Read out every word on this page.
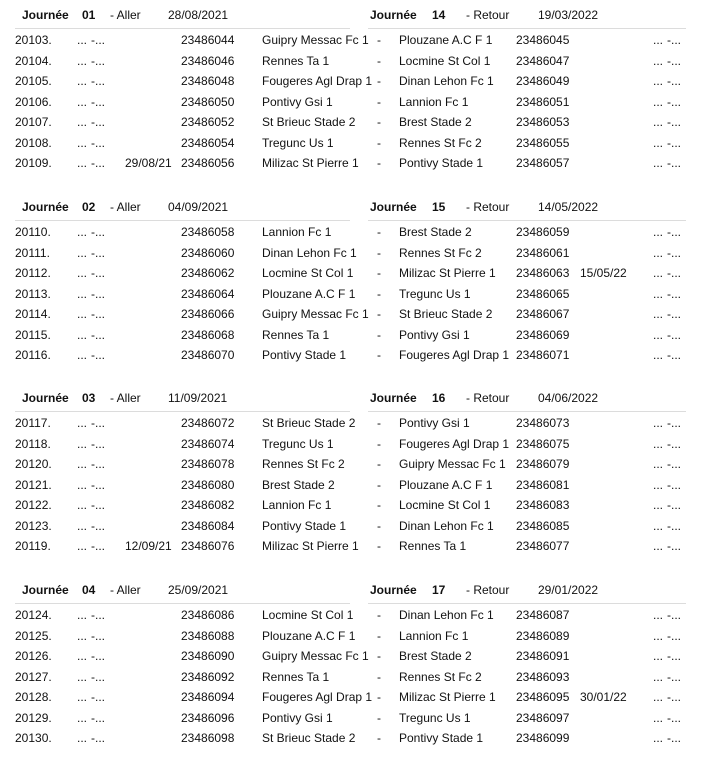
Journée 01 - Aller 28/08/2021	Journée 14 - Retour 19/03/2022
20103. ... -...	23486044 Guipry Messac Fc 1 - Plouzane A.C F 1 23486045	... -...
20104. ... -...	23486046 Rennes Ta 1	- Locmine St Col 1 23486047	... -...
20105. ... -...	23486048 Fougeres Agl Drap 1 - Dinan Lehon Fc 1 23486049	... -...
20106. ... -...	23486050 Pontivy Gsi 1	- Lannion Fc 1	23486051	... -...
20107. ... -...	23486052 St Brieuc Stade 2 - Brest Stade 2	23486053	... -...
20108. ... -...	23486054 Tregunc Us 1	- Rennes St Fc 2	23486055	... -...
20109. ... -... 29/08/21 23486056 Milizac St Pierre 1 - Pontivy Stade 1	23486057	... -...
Journée 02 - Aller 04/09/2021	Journée 15 - Retour 14/05/2022
20110. ... -...	23486058 Lannion Fc 1	- Brest Stade 2	23486059	... -...
20111. ... -...	23486060 Dinan Lehon Fc 1 - Rennes St Fc 2	23486061	... -...
20112. ... -...	23486062 Locmine St Col 1 - Milizac St Pierre 1 23486063 15/05/22 ... -...
20113. ... -...	23486064 Plouzane A.C F 1 - Tregunc Us 1	23486065	... -...
20114. ... -...	23486066 Guipry Messac Fc 1 - St Brieuc Stade 2 23486067	... -...
20115. ... -...	23486068 Rennes Ta 1	- Pontivy Gsi 1	23486069	... -...
20116. ... -...	23486070 Pontivy Stade 1	- Fougeres Agl Drap 1 23486071	... -...
Journée 03 - Aller 11/09/2021	Journée 16 - Retour 04/06/2022
20117. ... -...	23486072 St Brieuc Stade 2 - Pontivy Gsi 1	23486073	... -...
20118. ... -...	23486074 Tregunc Us 1	- Fougeres Agl Drap 1 23486075	... -...
20120. ... -...	23486078 Rennes St Fc 2	- Guipry Messac Fc 1 23486079	... -...
20121. ... -...	23486080 Brest Stade 2	- Plouzane A.C F 1 23486081	... -...
20122. ... -...	23486082 Lannion Fc 1	- Locmine St Col 1 23486083	... -...
20123. ... -...	23486084 Pontivy Stade 1	- Dinan Lehon Fc 1 23486085	... -...
20119. ... -... 12/09/21 23486076 Milizac St Pierre 1 - Rennes Ta 1	23486077	... -...
Journée 04 - Aller 25/09/2021	Journée 17 - Retour 29/01/2022
20124. ... -...	23486086 Locmine St Col 1 - Dinan Lehon Fc 1 23486087	... -...
20125. ... -...	23486088 Plouzane A.C F 1 - Lannion Fc 1	23486089	... -...
20126. ... -...	23486090 Guipry Messac Fc 1 - Brest Stade 2	23486091	... -...
20127. ... -...	23486092 Rennes Ta 1	- Rennes St Fc 2	23486093	... -...
20128. ... -...	23486094 Fougeres Agl Drap 1 - Milizac St Pierre 1 23486095 30/01/22 ... -...
20129. ... -...	23486096 Pontivy Gsi 1	- Tregunc Us 1	23486097	... -...
20130. ... -...	23486098 St Brieuc Stade 2 - Pontivy Stade 1	23486099	... -...
